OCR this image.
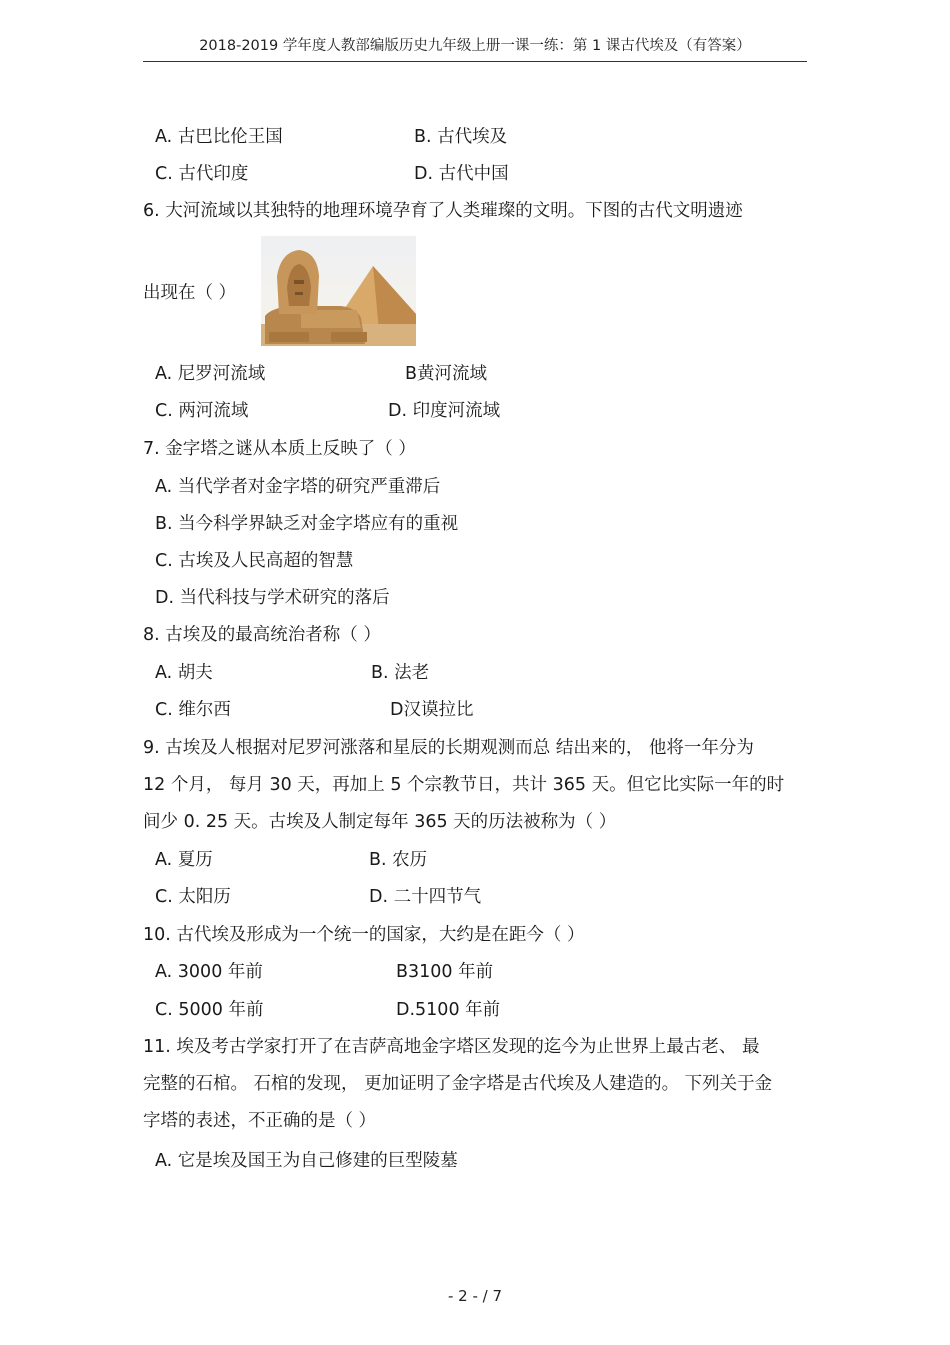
2018-2019 学年度人教部编版历史九年级上册一课一练：第 1 课古代埃及（有答案）
A. 古巴比伦王国	B. 古代埃及
C. 古代印度	D. 古代中国
6. 大河流域以其独特的地理环境孕育了人类璀璨的文明。下图的古代文明遗迹
出现在（ ）
A. 尼罗河流域	B黄河流域
C. 两河流域	D. 印度河流域
7. 金字塔之谜从本质上反映了（ ）
A. 当代学者对金字塔的研究严重滞后
B. 当今科学界缺乏对金字塔应有的重视
C. 古埃及人民高超的智慧
D. 当代科技与学术研究的落后
8. 古埃及的最高统治者称（ ）
A. 胡夫	B. 法老
C. 维尔西	D汉谟拉比
9. 古埃及人根据对尼罗河涨落和星辰的长期观测而总 结出来的， 他将一年分为
12 个月， 每月 30 天，再加上 5 个宗教节日，共计 365 天。但它比实际一年的时
间少 0. 25 天。古埃及人制定每年 365 天的历法被称为（ ）
A. 夏历	B. 农历
C. 太阳历	D. 二十四节气
10. 古代埃及形成为一个统一的国家，大约是在距今（ ）
A. 3000 年前	B3100 年前
C. 5000 年前	D.5100 年前
11. 埃及考古学家打开了在吉萨高地金字塔区发现的迄今为止世界上最古老、 最
完整的石棺。 石棺的发现， 更加证明了金字塔是古代埃及人建造的。 下列关于金
字塔的表述，不正确的是（ ）
A. 它是埃及国王为自己修建的巨型陵墓
- 2 - / 7
